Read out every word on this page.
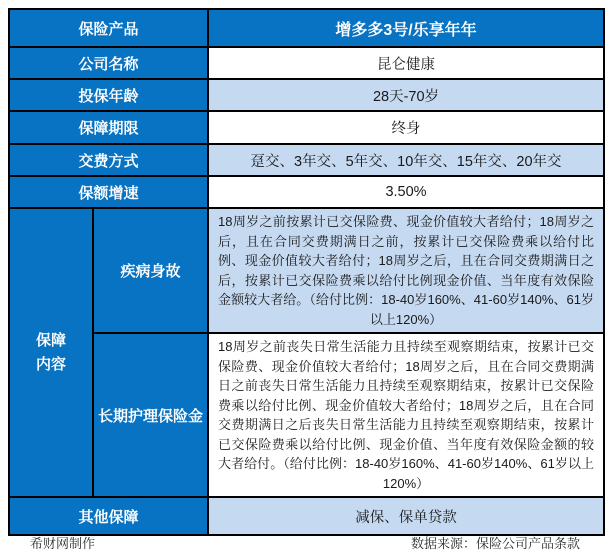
保险产品		增多多3号/乐享年年
公司名称		昆仑健康
投保年龄		28天-70岁
保障期限		终身
交费方式		趸交、3年交、5年交、10年交、15年交、20年交
保额增速		3.50%
保障内容	疾病身故	18周岁之前按累计已交保险费、现金价值较大者给付；18周岁之后，且在合同交费期满日之前，按累计已交保险费乘以给付比例、现金价值较大者给付；18周岁之后，且在合同交费期满日之后，按累计已交保险费乘以给付比例现金价值、当年度有效保险金额较大者给。（给付比例：18-40岁160%、41-60岁140%、61岁以上120%）
	长期护理保险金	18周岁之前丧失日常生活能力且持续至观察期结束，按累计已交保险费、现金价值较大者给付；18周岁之后，且在合同交费期满日之前丧失日常生活能力且持续至观察期结束，按累计已交保险费乘以给付比例、现金价值较大者给付；18周岁之后，且在合同交费期满日之后丧失日常生活能力且持续至观察期结束，按累计已交保险费乘以给付比例、现金价值、当年度有效保险金额的较大者给付。（给付比例：18-40岁160%、41-60岁140%、61岁以上120%）
其他保障		减保、保单贷款
希财网制作	数据来源：保险公司产品条款
